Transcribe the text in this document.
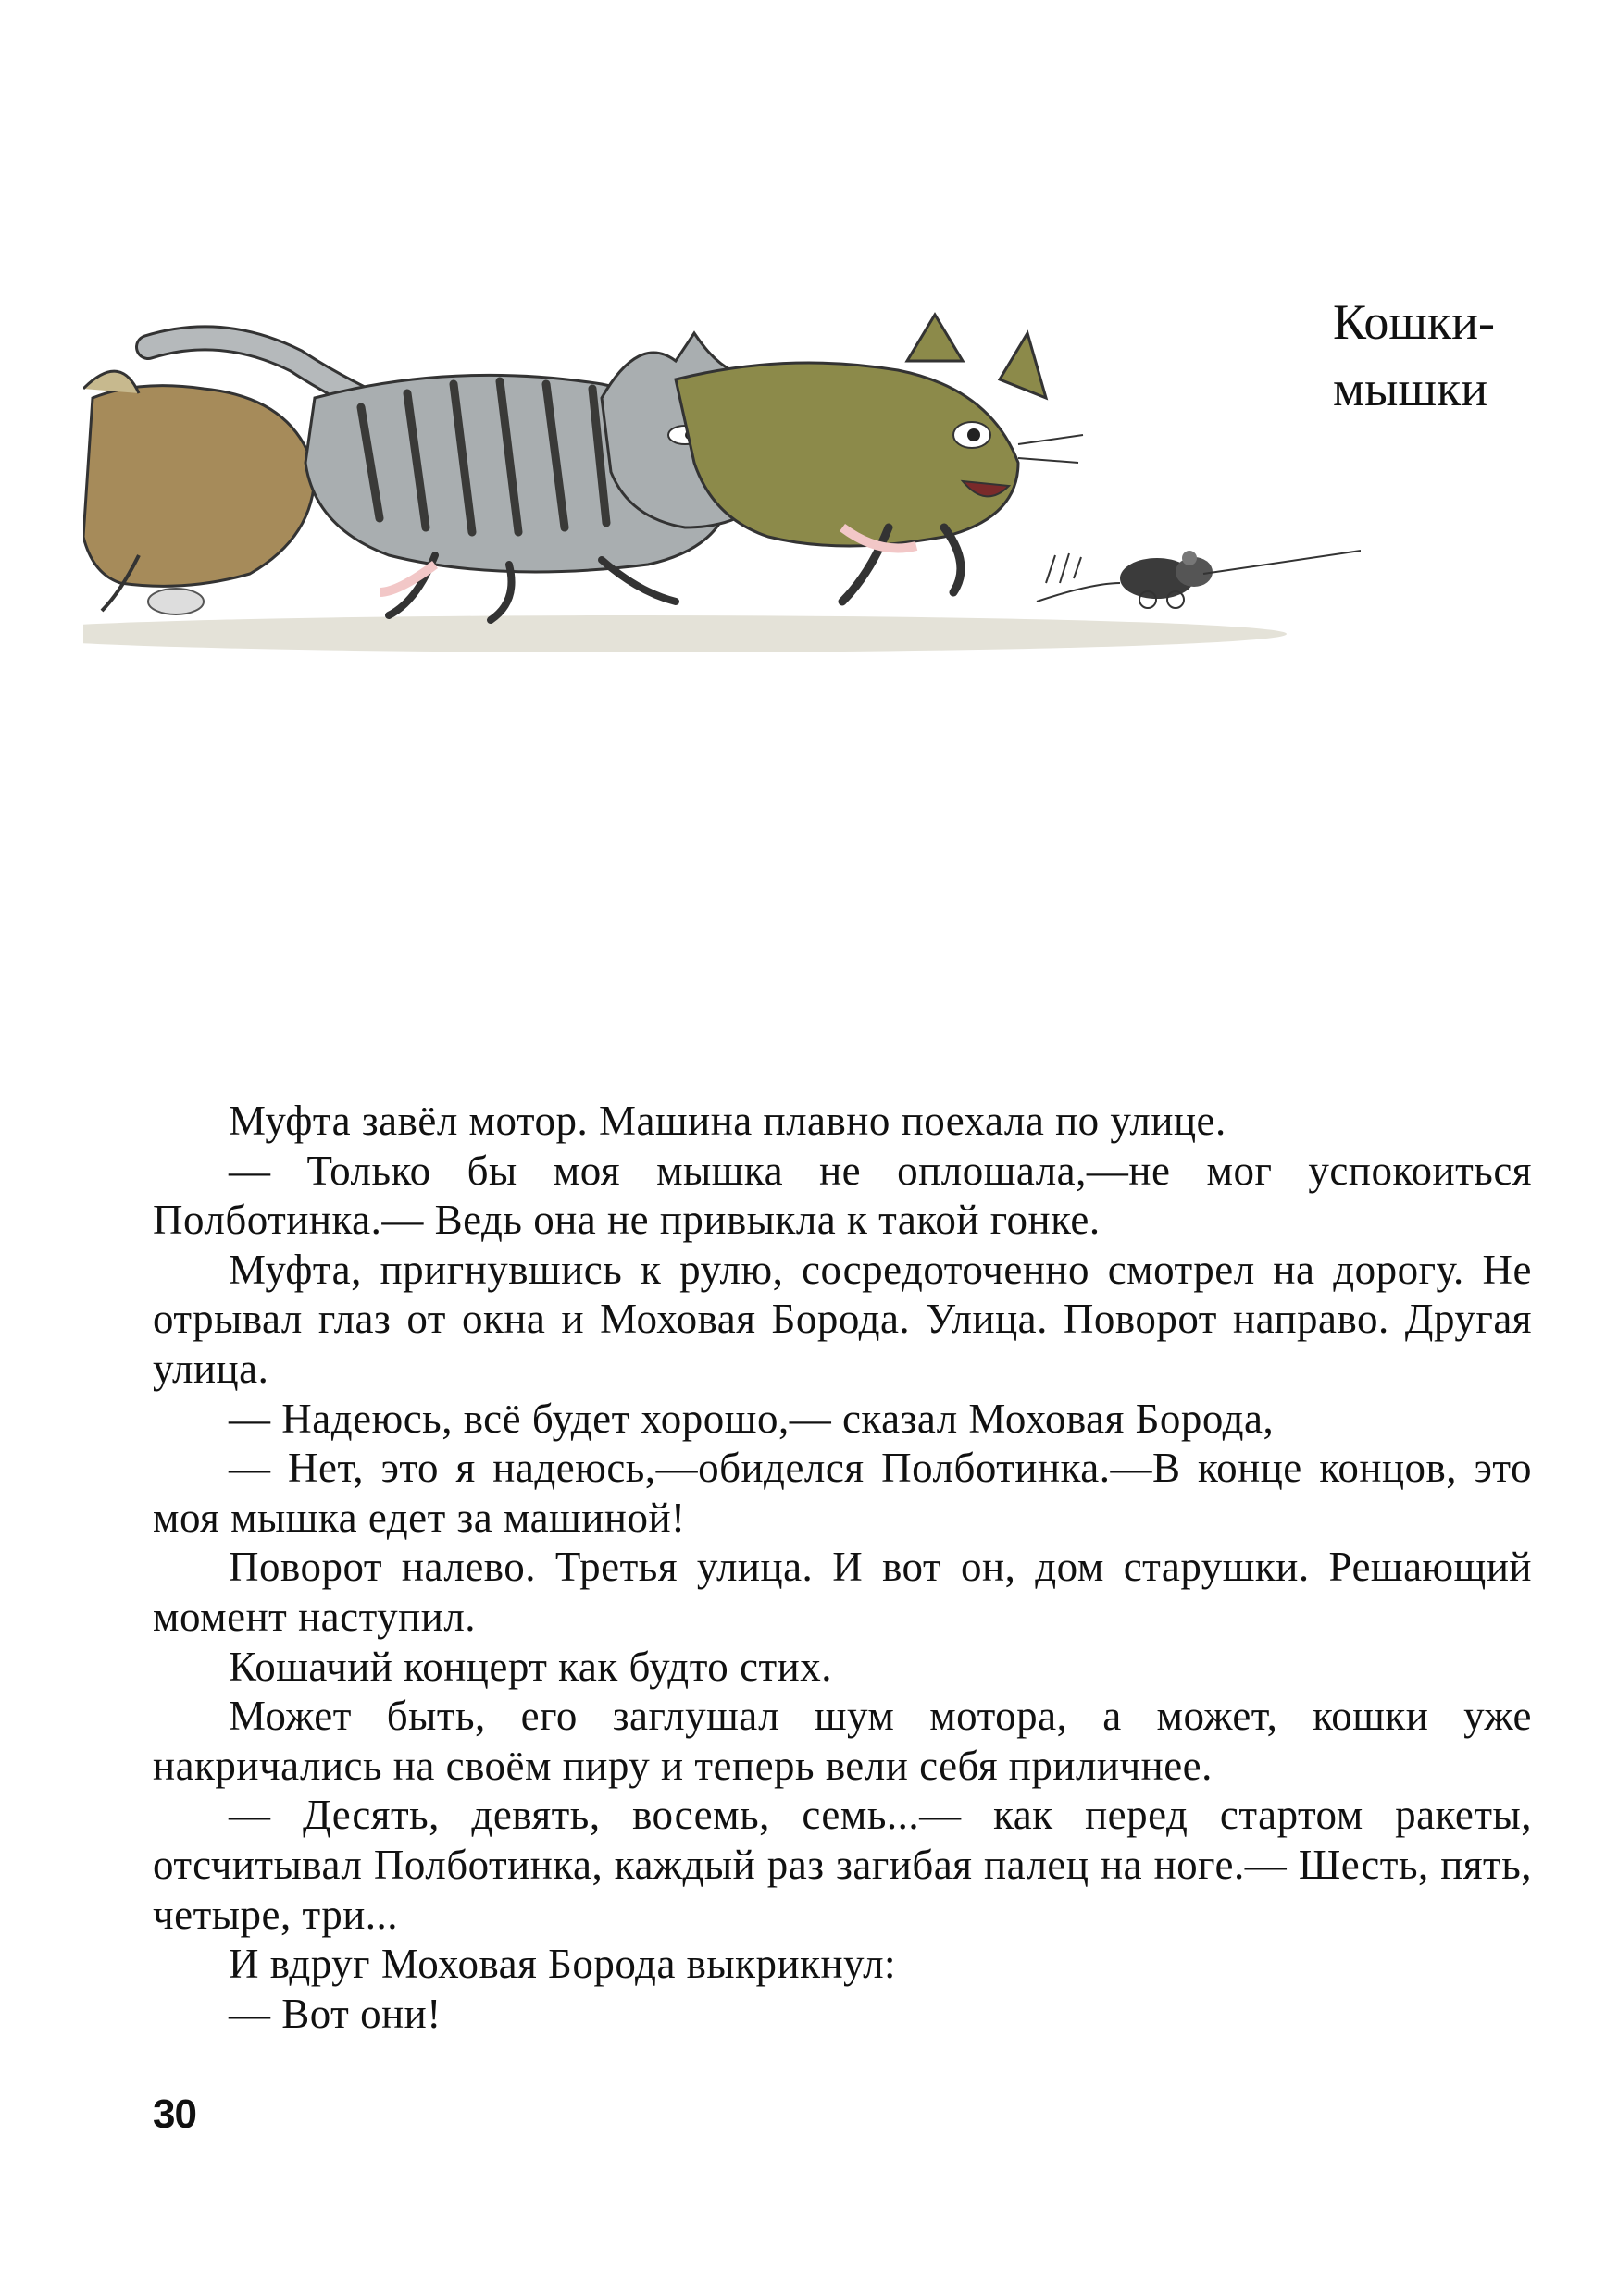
Кошки-
мышки

Муфта завёл мотор. Машина плавно поехала по улице.

— Только бы моя мышка не оплошала,—не мог успокоиться Полботинка.— Ведь она не привыкла к такой гонке.

Муфта, пригнувшись к рулю, сосредоточенно смотрел на дорогу. Не отрывал глаз от окна и Моховая Борода. Улица. Поворот направо. Другая улица.

— Надеюсь, всё будет хорошо,— сказал Моховая Борода,

— Нет, это я надеюсь,—обиделся Полботинка.—В конце концов, это моя мышка едет за машиной!

Поворот налево. Третья улица. И вот он, дом старушки. Решающий момент наступил.

Кошачий концерт как будто стих.

Может быть, его заглушал шум мотора, а может, кошки уже накричались на своём пиру и теперь вели себя приличнее.

— Десять, девять, восемь, семь...— как перед стартом ракеты, отсчитывал Полботинка, каждый раз загибая палец на ноге.— Шесть, пять, четыре, три...

И вдруг Моховая Борода выкрикнул:

— Вот они!

30
